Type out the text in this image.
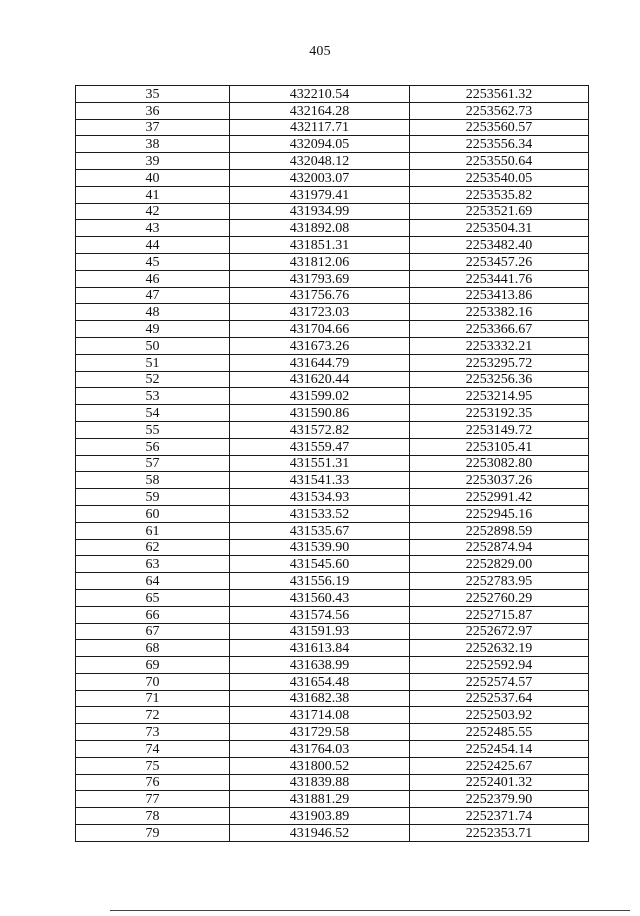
405
35	432210.54	2253561.32
36	432164.28	2253562.73
37	432117.71	2253560.57
38	432094.05	2253556.34
39	432048.12	2253550.64
40	432003.07	2253540.05
41	431979.41	2253535.82
42	431934.99	2253521.69
43	431892.08	2253504.31
44	431851.31	2253482.40
45	431812.06	2253457.26
46	431793.69	2253441.76
47	431756.76	2253413.86
48	431723.03	2253382.16
49	431704.66	2253366.67
50	431673.26	2253332.21
51	431644.79	2253295.72
52	431620.44	2253256.36
53	431599.02	2253214.95
54	431590.86	2253192.35
55	431572.82	2253149.72
56	431559.47	2253105.41
57	431551.31	2253082.80
58	431541.33	2253037.26
59	431534.93	2252991.42
60	431533.52	2252945.16
61	431535.67	2252898.59
62	431539.90	2252874.94
63	431545.60	2252829.00
64	431556.19	2252783.95
65	431560.43	2252760.29
66	431574.56	2252715.87
67	431591.93	2252672.97
68	431613.84	2252632.19
69	431638.99	2252592.94
70	431654.48	2252574.57
71	431682.38	2252537.64
72	431714.08	2252503.92
73	431729.58	2252485.55
74	431764.03	2252454.14
75	431800.52	2252425.67
76	431839.88	2252401.32
77	431881.29	2252379.90
78	431903.89	2252371.74
79	431946.52	2252353.71
